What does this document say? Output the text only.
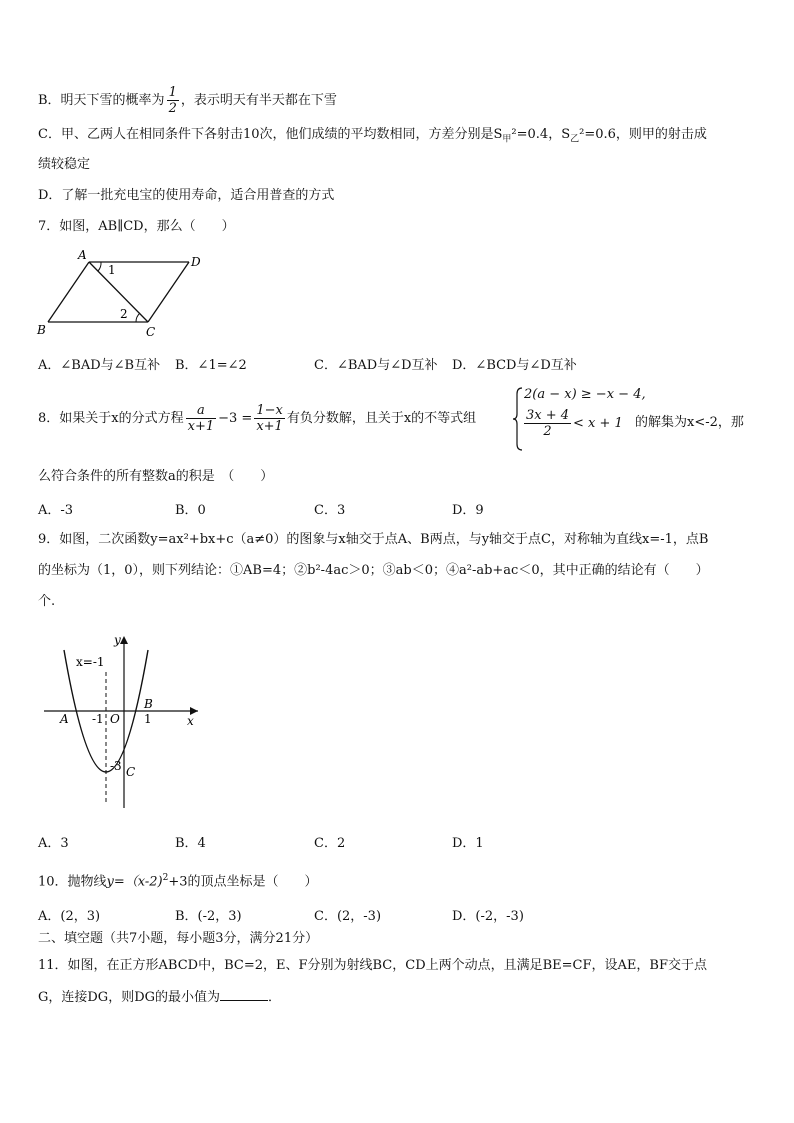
B．明天下雪的概率为 $\frac{1}{2}$ ，表示明天有半天都在下雪
C．甲、乙两人在相同条件下各射击10次，他们成绩的平均数相同，方差分别是$S_甲^2=0.4$，$S_乙^2=0.6$，则甲的射击成
绩较稳定
D．了解一批充电宝的使用寿命，适合用普查的方式
7．如图，AB∥CD，那么（　　）
A	D
B	C
1
2
A．∠BAD与∠B互补 B．∠1=∠2	C．∠BAD与∠D互补 D．∠BCD与∠D互补
8．如果关于x的分式方程 $\frac{a}{x+1} -3 = \frac{1-x}{x+1}$ 有负分数解，且关于x的不等式组
2(a − x) ≥ −x − 4,
$\frac{3x + 4}{2} < x + 1$ 的解集为x<-2，那
么符合条件的所有整数a的积是　（　　）
A．-3	B．0	C．3	D．9
9．如图，二次函数y=ax²+bx+c（a≠0）的图象与x轴交于点A、B两点，与y轴交于点C，对称轴为直线x=-1，点B
的坐标为（1，0），则下列结论：①AB=4；②b²-4ac＞0；③ab＜0；④a²-ab+ac＜0，其中正确的结论有（　　）
个.
x=-1
y
x
A
B
C
O
-1	1
-3
A．3	B．4	C．2	D．1
10．抛物线y=（x-2)$^2$+3的顶点坐标是（　　）
A．(2，3)	B．(-2，3)	C．(2，-3)	D．(-2，-3)
二、填空题（共7小题，每小题3分，满分21分）
11．如图，在正方形ABCD中，BC=2，E、F分别为射线BC，CD上两个动点，且满足BE=CF，设AE，BF交于点
G，连接DG，则DG的最小值为	．
